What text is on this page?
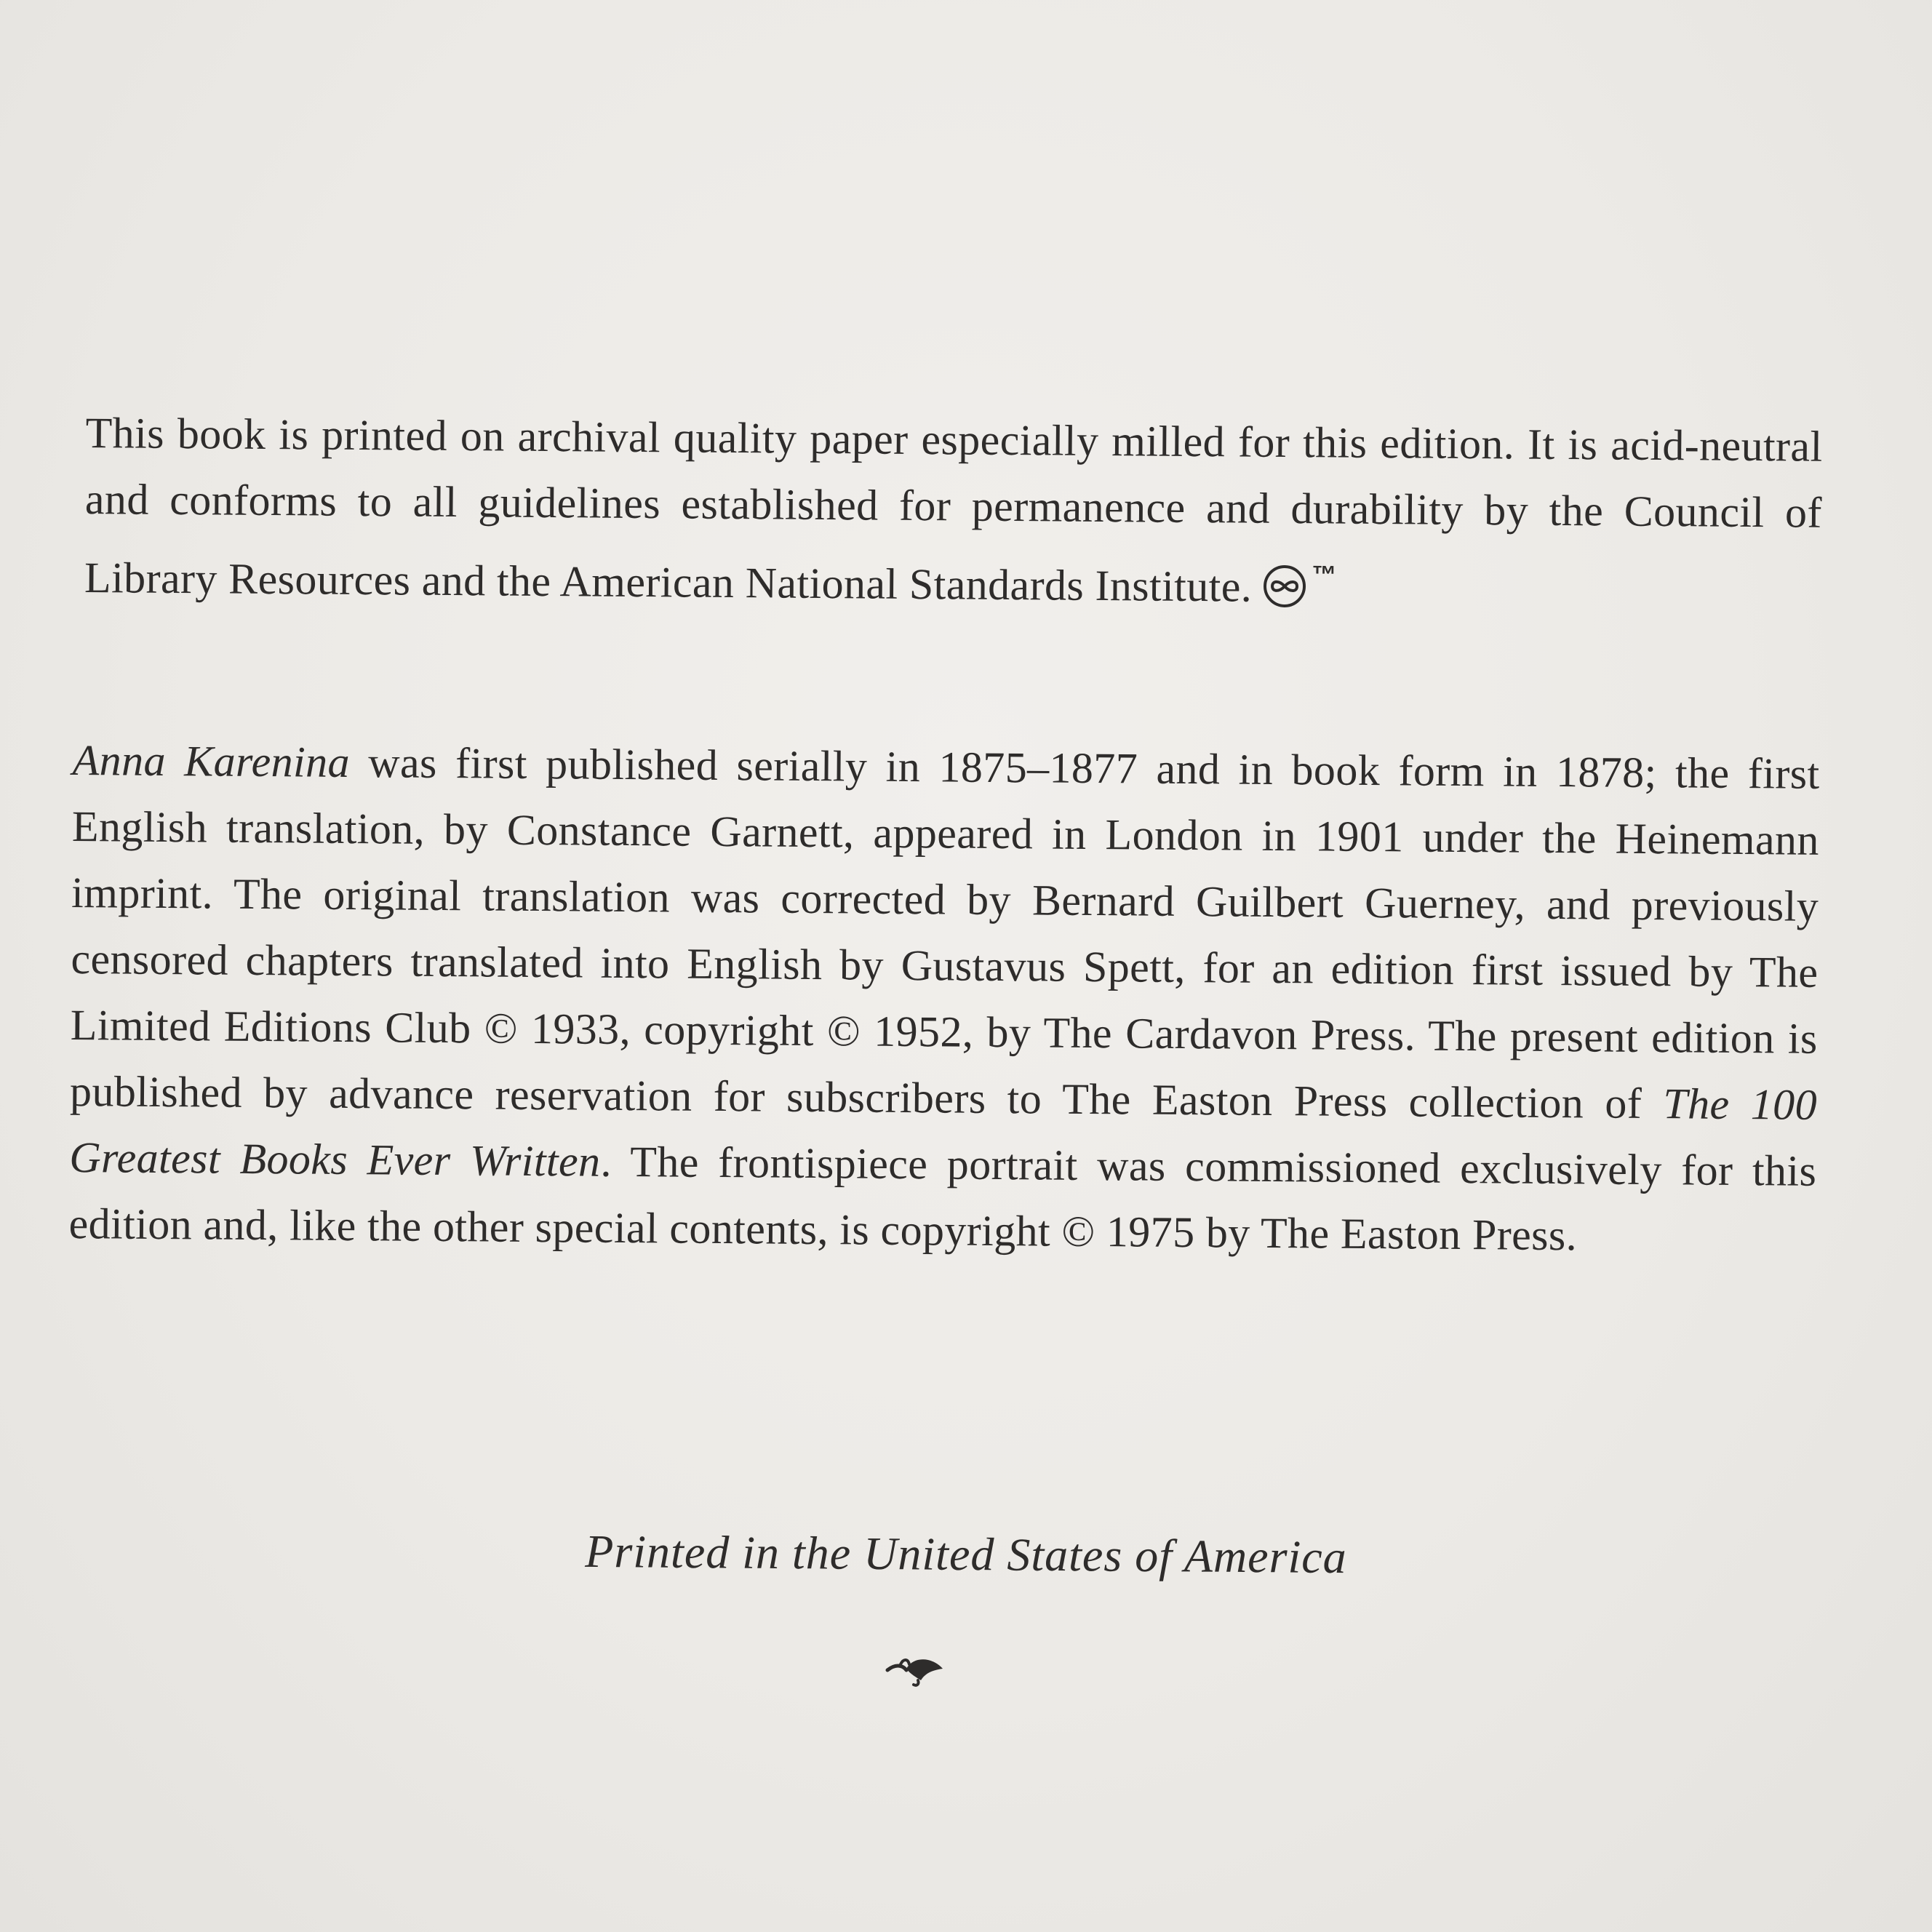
This book is printed on archival quality paper especially milled for this edition. It is acid-neutral and conforms to all guidelines established for permanence and durability by the Council of Library Resources and the American National Standards Institute. ™

Anna Karenina was first published serially in 1875–1877 and in book form in 1878; the first English translation, by Constance Garnett, appeared in London in 1901 under the Heinemann imprint. The original translation was corrected by Bernard Guilbert Guerney, and previously censored chapters translated into English by Gustavus Spett, for an edition first issued by The Limited Editions Club © 1933, copyright © 1952, by The Cardavon Press. The present edition is published by advance reservation for subscribers to The Easton Press collection of The 100 Greatest Books Ever Written. The frontispiece portrait was commissioned exclusively for this edition and, like the other special contents, is copyright © 1975 by The Easton Press.

Printed in the United States of America
